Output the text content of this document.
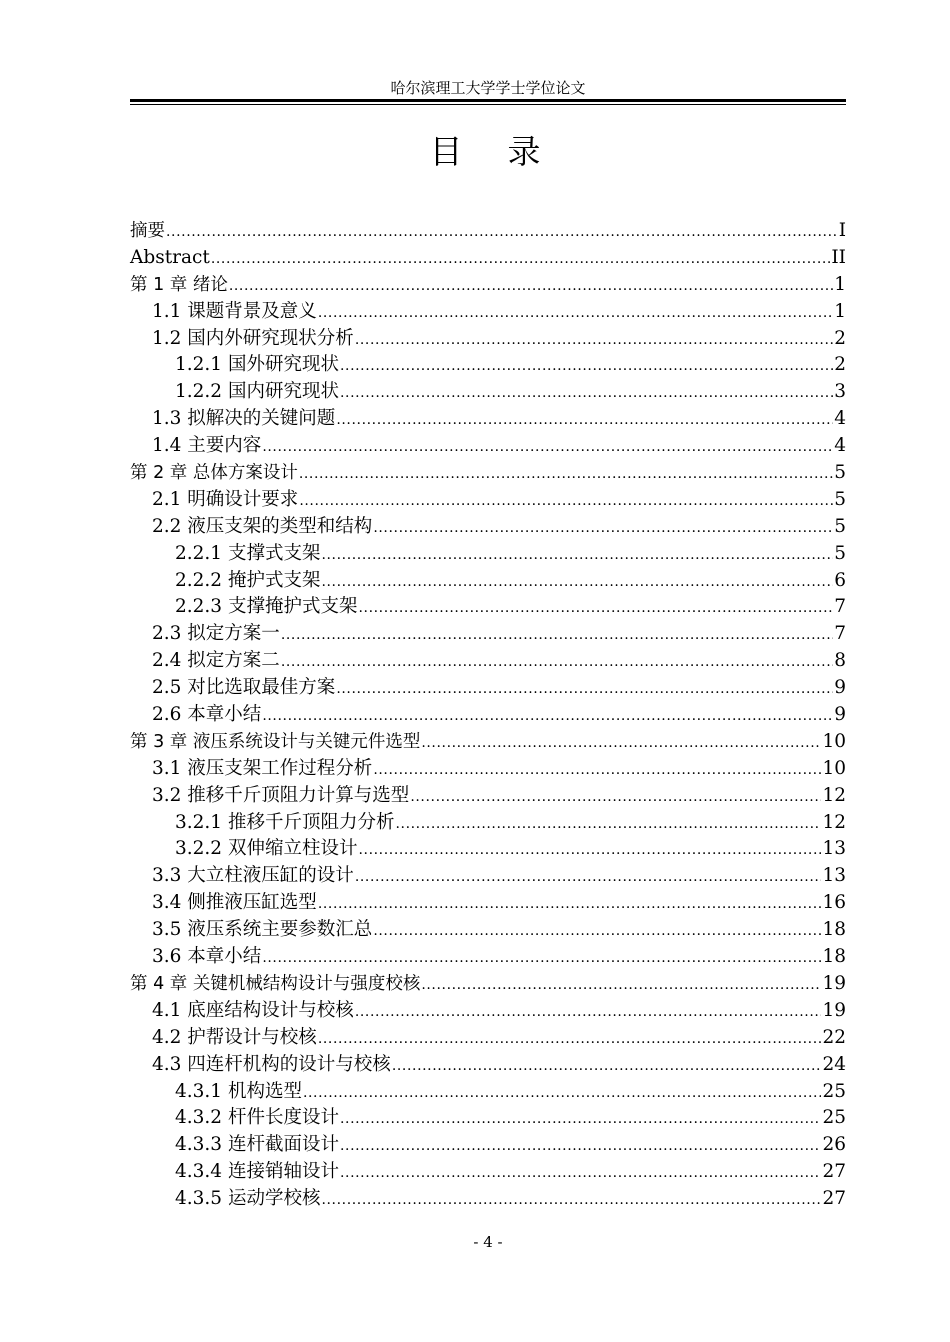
哈尔滨理工大学学士学位论文
目　录
摘要 .....	I
Abstract .....	II
第 1 章 绪论 .....	1
1.1 课题背景及意义 .....	1
1.2 国内外研究现状分析 .....	2
1.2.1 国外研究现状 .....	2
1.2.2 国内研究现状 .....	3
1.3 拟解决的关键问题 .....	4
1.4 主要内容 .....	4
第 2 章 总体方案设计 .....	5
2.1 明确设计要求 .....	5
2.2 液压支架的类型和结构 .....	5
2.2.1 支撑式支架 .....	5
2.2.2 掩护式支架 .....	6
2.2.3 支撑掩护式支架 .....	7
2.3 拟定方案一 .....	7
2.4 拟定方案二 .....	8
2.5 对比选取最佳方案 .....	9
2.6 本章小结 .....	9
第 3 章 液压系统设计与关键元件选型 .....	10
3.1 液压支架工作过程分析 .....	10
3.2 推移千斤顶阻力计算与选型 .....	12
3.2.1 推移千斤顶阻力分析 .....	12
3.2.2 双伸缩立柱设计 .....	13
3.3 大立柱液压缸的设计 .....	13
3.4 侧推液压缸选型 .....	16
3.5 液压系统主要参数汇总 .....	18
3.6 本章小结 .....	18
第 4 章 关键机械结构设计与强度校核 .....	19
4.1 底座结构设计与校核 .....	19
4.2 护帮设计与校核 .....	22
4.3 四连杆机构的设计与校核 .....	24
4.3.1 机构选型 .....	25
4.3.2 杆件长度设计 .....	25
4.3.3 连杆截面设计 .....	26
4.3.4 连接销轴设计 .....	27
4.3.5 运动学校核 .....	27
- 4 -
